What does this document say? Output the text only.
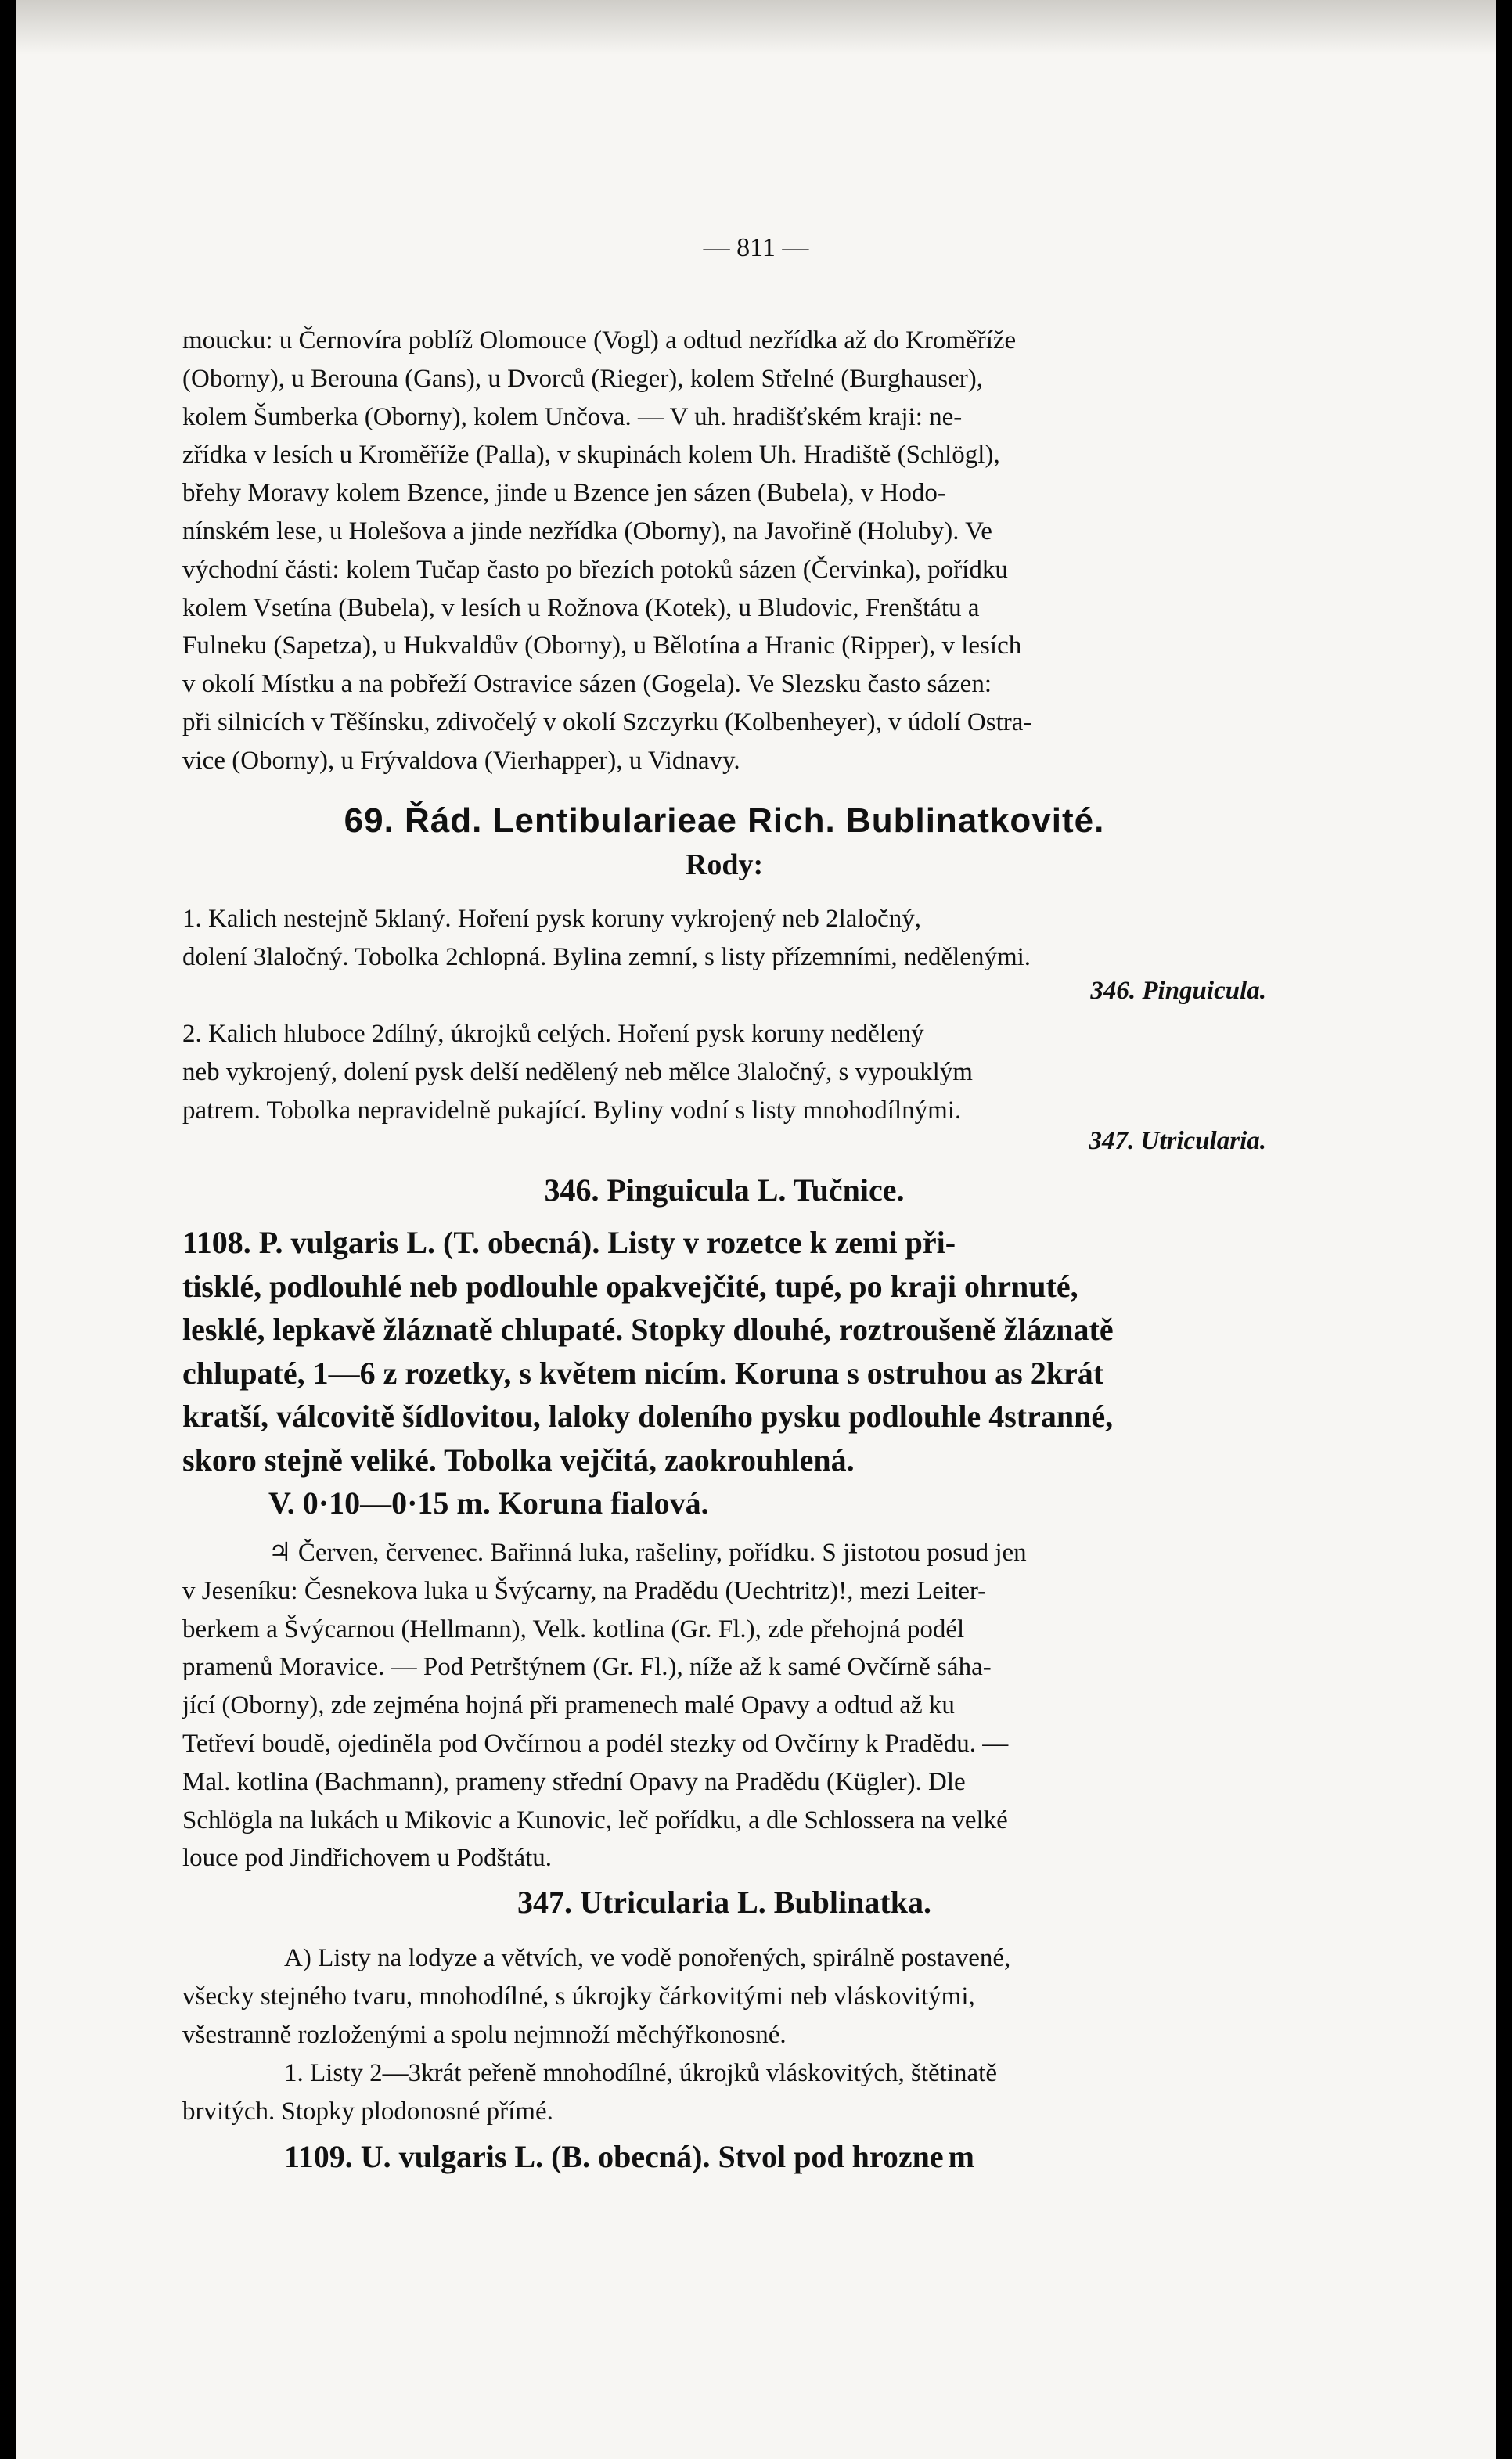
— 811 —
moucku: u Černovíra poblíž Olomouce (Vogl) a odtud nezřídka až do Kroměříže
(Oborny), u Berouna (Gans), u Dvorců (Rieger), kolem Střelné (Burghauser),
kolem Šumberka (Oborny), kolem Unčova. — V uh. hradišťském kraji: ne-
zřídka v lesích u Kroměříže (Palla), v skupinách kolem Uh. Hradiště (Schlögl),
břehy Moravy kolem Bzence, jinde u Bzence jen sázen (Bubela), v Hodo-
nínském lese, u Holešova a jinde nezřídka (Oborny), na Javořině (Holuby). Ve
východní části: kolem Tučap často po březích potoků sázen (Červinka), pořídku
kolem Vsetína (Bubela), v lesích u Rožnova (Kotek), u Bludovic, Frenštátu a
Fulneku (Sapetza), u Hukvaldův (Oborny), u Bělotína a Hranic (Ripper), v lesích
v okolí Místku a na pobřeží Ostravice sázen (Gogela). Ve Slezsku často sázen:
při silnicích v Těšínsku, zdivočelý v okolí Szczyrku (Kolbenheyer), v údolí Ostra-
vice (Oborny), u Frývaldova (Vierhapper), u Vidnavy.
69. Řád. Lentibularieae Rich. Bublinatkovité.
Rody:
1. Kalich nestejně 5klaný. Hoření pysk koruny vykrojený neb 2laločný,
dolení 3laločný. Tobolka 2chlopná. Bylina zemní, s listy přízemními, nedělenými.
346. Pinguicula.
2. Kalich hluboce 2dílný, úkrojků celých. Hoření pysk koruny nedělený
neb vykrojený, dolení pysk delší nedělený neb mělce 3laločný, s vypouklým
patrem. Tobolka nepravidelně pukající. Byliny vodní s listy mnohodílnými.
347. Utricularia.
346. Pinguicula L. Tučnice.
1108. P. vulgaris L. (T. obecná). Listy v rozetce k zemi při-
tisklé, podlouhlé neb podlouhle opakvejčité, tupé, po kraji ohrnuté,
lesklé, lepkavě žláznatě chlupaté. Stopky dlouhé, roztroušeně žláznatě
chlupaté, 1—6 z rozetky, s květem nicím. Koruna s ostruhou as 2krát
kratší, válcovitě šídlovitou, laloky doleního pysku podlouhle 4stranné,
skoro stejně veliké. Tobolka vejčitá, zaokrouhlená.
V. 0·10—0·15 m. Koruna fialová.
♃ Červen, červenec. Bařinná luka, rašeliny, pořídku. S jistotou posud jen
v Jeseníku: Česnekova luka u Švýcarny, na Pradědu (Uechtritz)!, mezi Leiter-
berkem a Švýcarnou (Hellmann), Velk. kotlina (Gr. Fl.), zde přehojná podél
pramenů Moravice. — Pod Petrštýnem (Gr. Fl.), níže až k samé Ovčírně sáha-
jící (Oborny), zde zejména hojná při pramenech malé Opavy a odtud až ku
Tetřeví boudě, ojediněla pod Ovčírnou a podél stezky od Ovčírny k Pradědu. —
Mal. kotlina (Bachmann), prameny střední Opavy na Pradědu (Kügler). Dle
Schlögla na lukách u Mikovic a Kunovic, leč pořídku, a dle Schlossera na velké
louce pod Jindřichovem u Podštátu.
347. Utricularia L. Bublinatka.
A) Listy na lodyze a větvích, ve vodě ponořených, spirálně postavené,
všecky stejného tvaru, mnohodílné, s úkrojky čárkovitými neb vláskovitými,
všestranně rozloženými a spolu nejmnoží měchýřkonosné.
1. Listy 2—3krát peřeně mnohodílné, úkrojků vláskovitých, štětinatě
brvitých. Stopky plodonosné přímé.
1109. U. vulgaris L. (B. obecná). Stvol pod hroznem
